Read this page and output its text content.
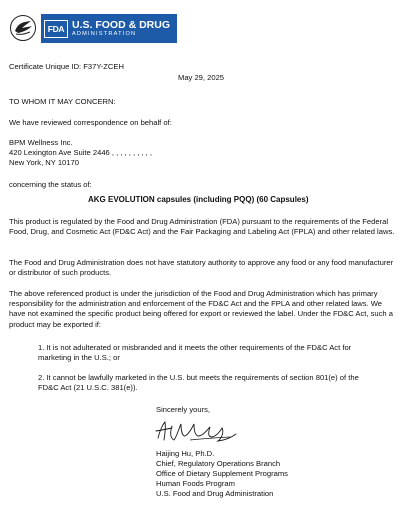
FDA U.S. FOOD & DRUG
ADMINISTRATION

Certificate Unique ID: F37Y-ZCEH

May 29, 2025

TO WHOM IT MAY CONCERN:

We have reviewed correspondence on behalf of:

BPM Wellness Inc.

420 Lexington Ave Suite 2446 , , , , , , , , , ,

New York, NY 10170

concerning the status of:

AKG EVOLUTION capsules (including PQQ) (60 Capsules)

This product is regulated by the Food and Drug Administration (FDA) pursuant to the requirements of the Federal Food, Drug, and Cosmetic Act (FD&C Act) and the Fair Packaging and Labeling Act (FPLA) and other related laws.

The Food and Drug Administration does not have statutory authority to approve any food or any food manufacturer or distributor of such products.

The above referenced product is under the jurisdiction of the Food and Drug Administration which has primary responsibility for the administration and enforcement of the FD&C Act and the FPLA and other related laws. We have not examined the specific product being offered for export or reviewed the label. Under the FD&C Act, such a product may be exported if:

1. It is not adulterated or misbranded and it meets the other requirements of the FD&C Act for marketing in the U.S.; or
2. It cannot be lawfully marketed in the U.S. but meets the requirements of section 801(e) of the FD&C Act (21 U.S.C. 381(e)).

Sincerely yours,

Haijing Hu, Ph.D.

Chief, Regulatory Operations Branch

Office of Dietary Supplement Programs

Human Foods Program

U.S. Food and Drug Administration
